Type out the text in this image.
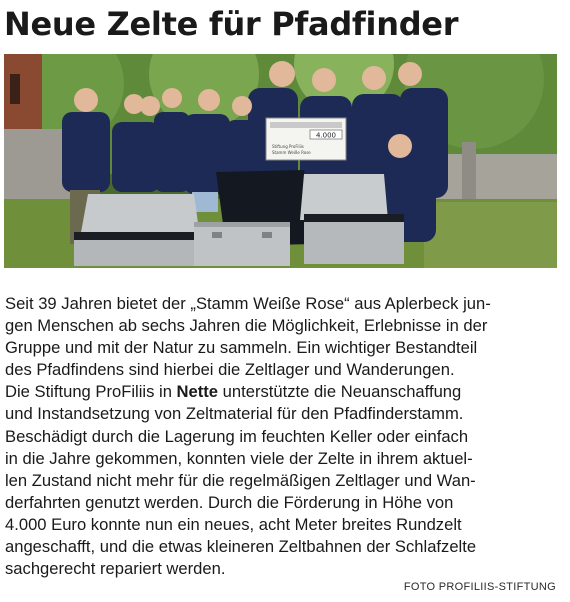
Neue Zelte für Pfadfinder
4.000
Stiftung ProFiliis
Stamm Weiße Rose
Seit 39 Jahren bietet der „Stamm Weiße Rose“ aus Aplerbeck jun-
gen Menschen ab sechs Jahren die Möglichkeit, Erlebnisse in der
Gruppe und mit der Natur zu sammeln. Ein wichtiger Bestandteil
des Pfadfindens sind hierbei die Zeltlager und Wanderungen.
Die Stiftung ProFiliis in Nette unterstützte die Neuanschaffung
und Instandsetzung von Zeltmaterial für den Pfadfinderstamm.
Beschädigt durch die Lagerung im feuchten Keller oder einfach
in die Jahre gekommen, konnten viele der Zelte in ihrem aktuel-
len Zustand nicht mehr für die regelmäßigen Zeltlager und Wan-
derfahrten genutzt werden. Durch die Förderung in Höhe von
4.000 Euro konnte nun ein neues, acht Meter breites Rundzelt
angeschafft, und die etwas kleineren Zeltbahnen der Schlafzelte
sachgerecht repariert werden.
FOTO PROFILIIS-STIFTUNG
